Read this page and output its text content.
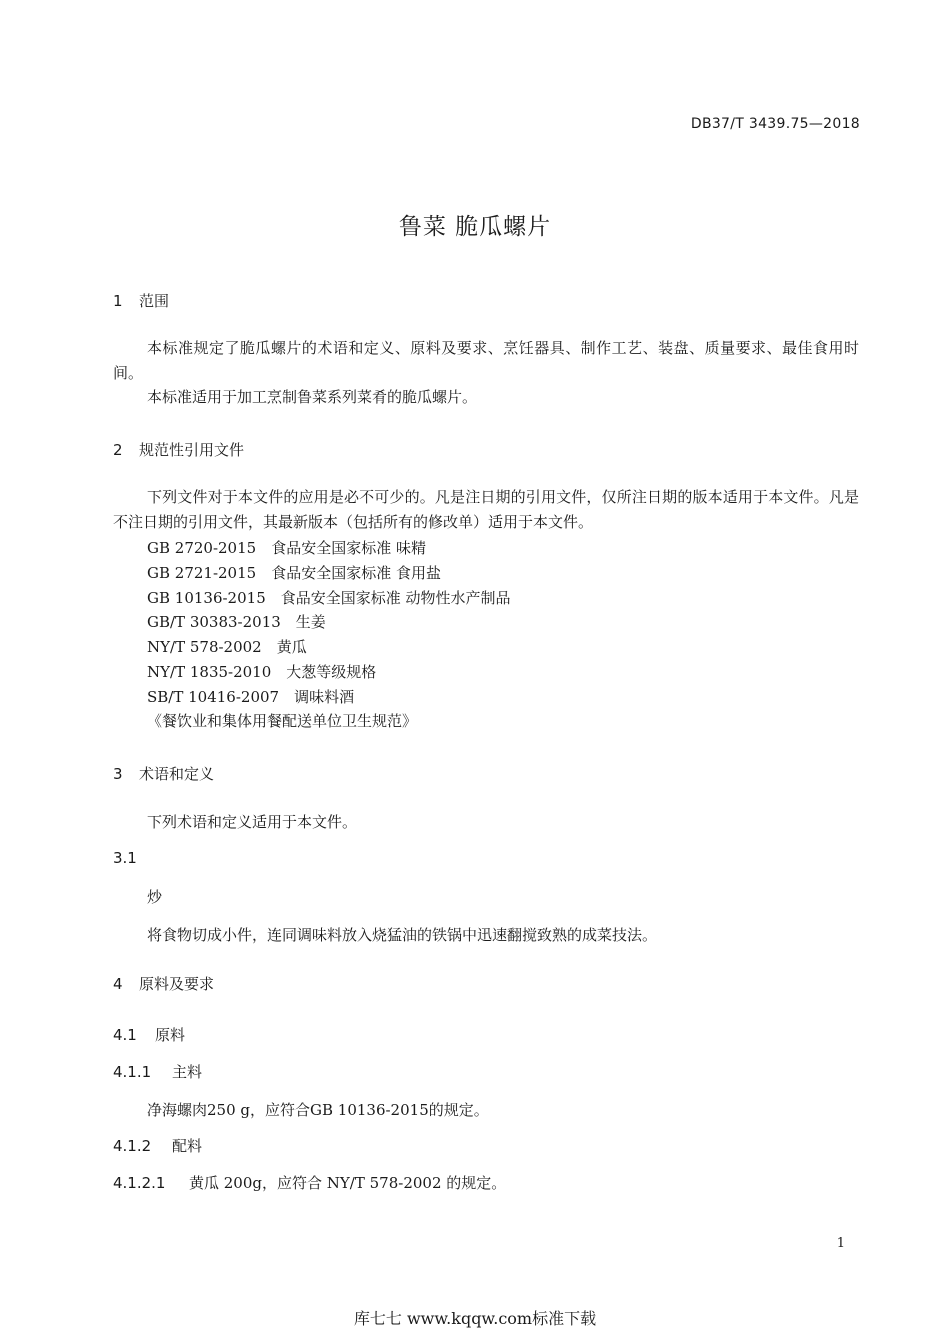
DB37/T 3439.75—2018
鲁菜 脆瓜螺片
1 范围
本标准规定了脆瓜螺片的术语和定义、原料及要求、烹饪器具、制作工艺、装盘、质量要求、最佳食用时间。
本标准适用于加工烹制鲁菜系列菜肴的脆瓜螺片。
2 规范性引用文件
下列文件对于本文件的应用是必不可少的。凡是注日期的引用文件，仅所注日期的版本适用于本文件。凡是不注日期的引用文件，其最新版本（包括所有的修改单）适用于本文件。
GB 2720-2015　食品安全国家标准 味精
GB 2721-2015　食品安全国家标准 食用盐
GB 10136-2015　食品安全国家标准 动物性水产制品
GB/T 30383-2013　生姜
NY/T 578-2002　黄瓜
NY/T 1835-2010　大葱等级规格
SB/T 10416-2007　调味料酒
《餐饮业和集体用餐配送单位卫生规范》
3 术语和定义
下列术语和定义适用于本文件。
3.1
炒
将食物切成小件，连同调味料放入烧猛油的铁锅中迅速翻搅致熟的成菜技法。
4 原料及要求
4.1 原料
4.1.1 主料
净海螺肉250 g，应符合GB 10136-2015的规定。
4.1.2 配料
4.1.2.1 黄瓜 200g，应符合 NY/T 578-2002 的规定。
1
库七七 www.kqqw.com标准下载
